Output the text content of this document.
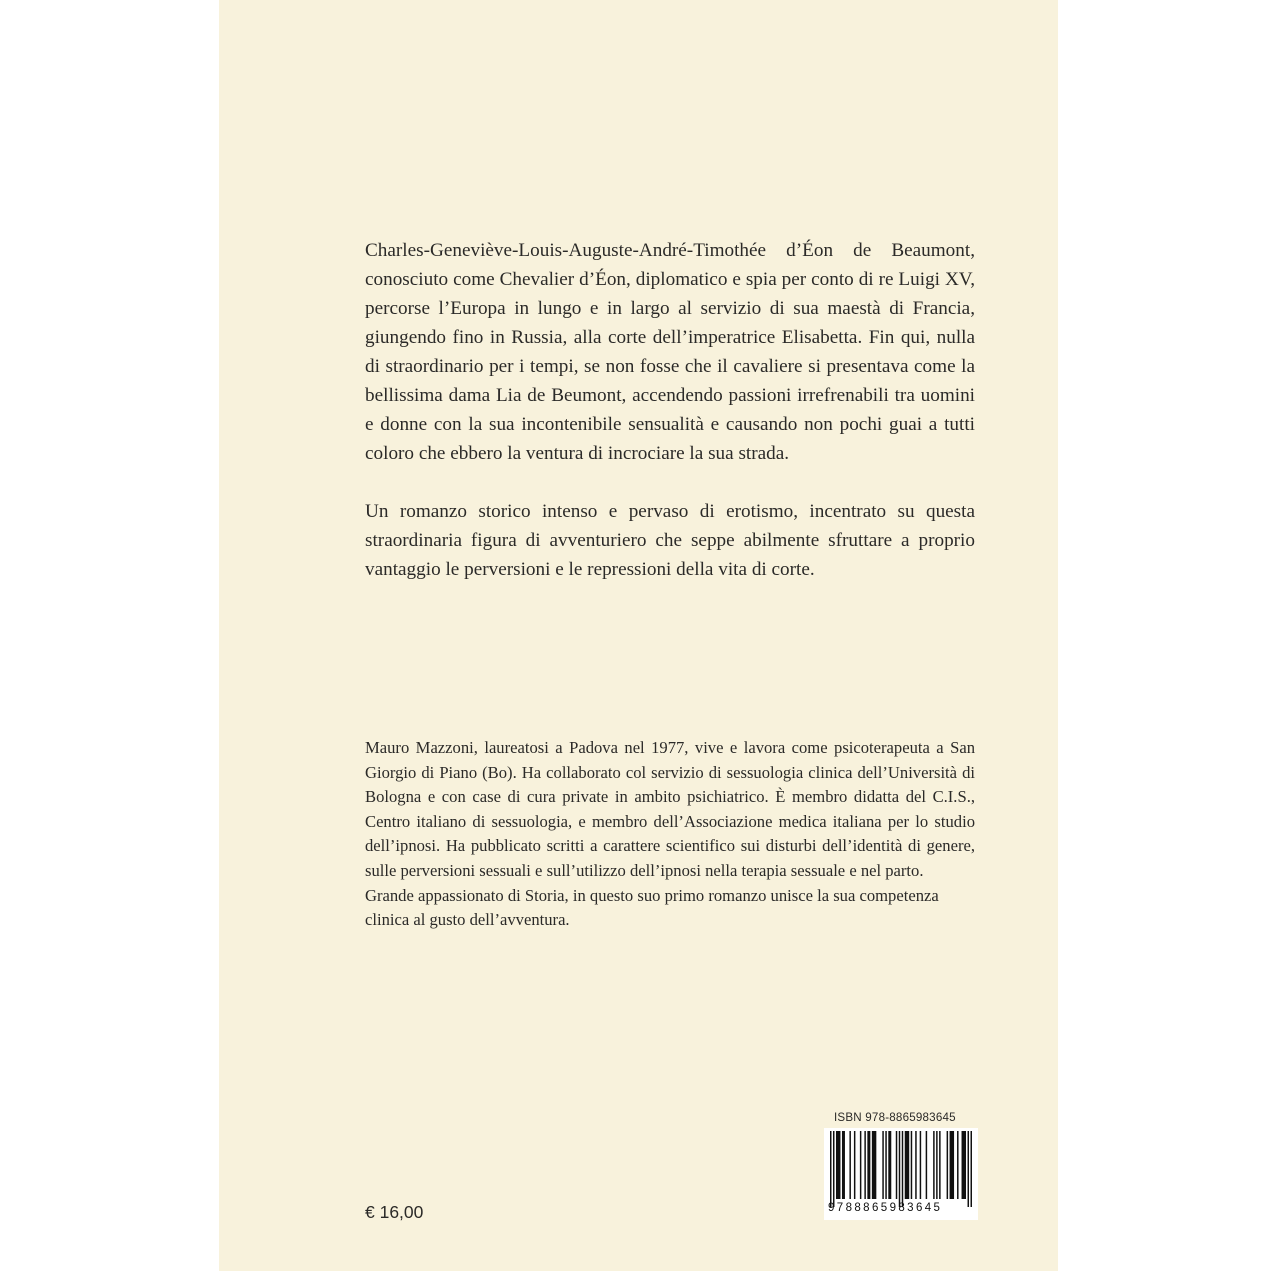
Charles-Geneviève-Louis-Auguste-André-Timothée d’Éon de Beaumont, conosciuto come Chevalier d’Éon, diplomatico e spia per conto di re Luigi XV, percorse l’Europa in lungo e in largo al servizio di sua maestà di Francia, giungendo fino in Russia, alla corte dell’imperatrice Elisabetta. Fin qui, nulla di straordinario per i tempi, se non fosse che il cavaliere si presentava come la bellissima dama Lia de Beumont, accendendo passioni irrefrenabili tra uomini e donne con la sua incontenibile sensualità e causando non pochi guai a tutti coloro che ebbero la ventura di incrociare la sua strada.

Un romanzo storico intenso e pervaso di erotismo, incentrato su questa straordinaria figura di avventuriero che seppe abilmente sfruttare a proprio vantaggio le perversioni e le repressioni della vita di corte.

Mauro Mazzoni, laureatosi a Padova nel 1977, vive e lavora come psicoterapeuta a San Giorgio di Piano (Bo). Ha collaborato col servizio di sessuologia clinica dell’Università di Bologna e con case di cura private in ambito psichiatrico. È membro didatta del C.I.S., Centro italiano di sessuologia, e membro dell’Associazione medica italiana per lo studio dell’ipnosi. Ha pubblicato scritti a carattere scientifico sui disturbi dell’identità di genere, sulle perversioni sessuali e sull’utilizzo dell’ipnosi nella terapia sessuale e nel parto.

Grande appassionato di Storia, in questo suo primo romanzo unisce la sua competenza clinica al gusto dell’avventura.

€ 16,00
ISBN 978-8865983645
9788865983645
